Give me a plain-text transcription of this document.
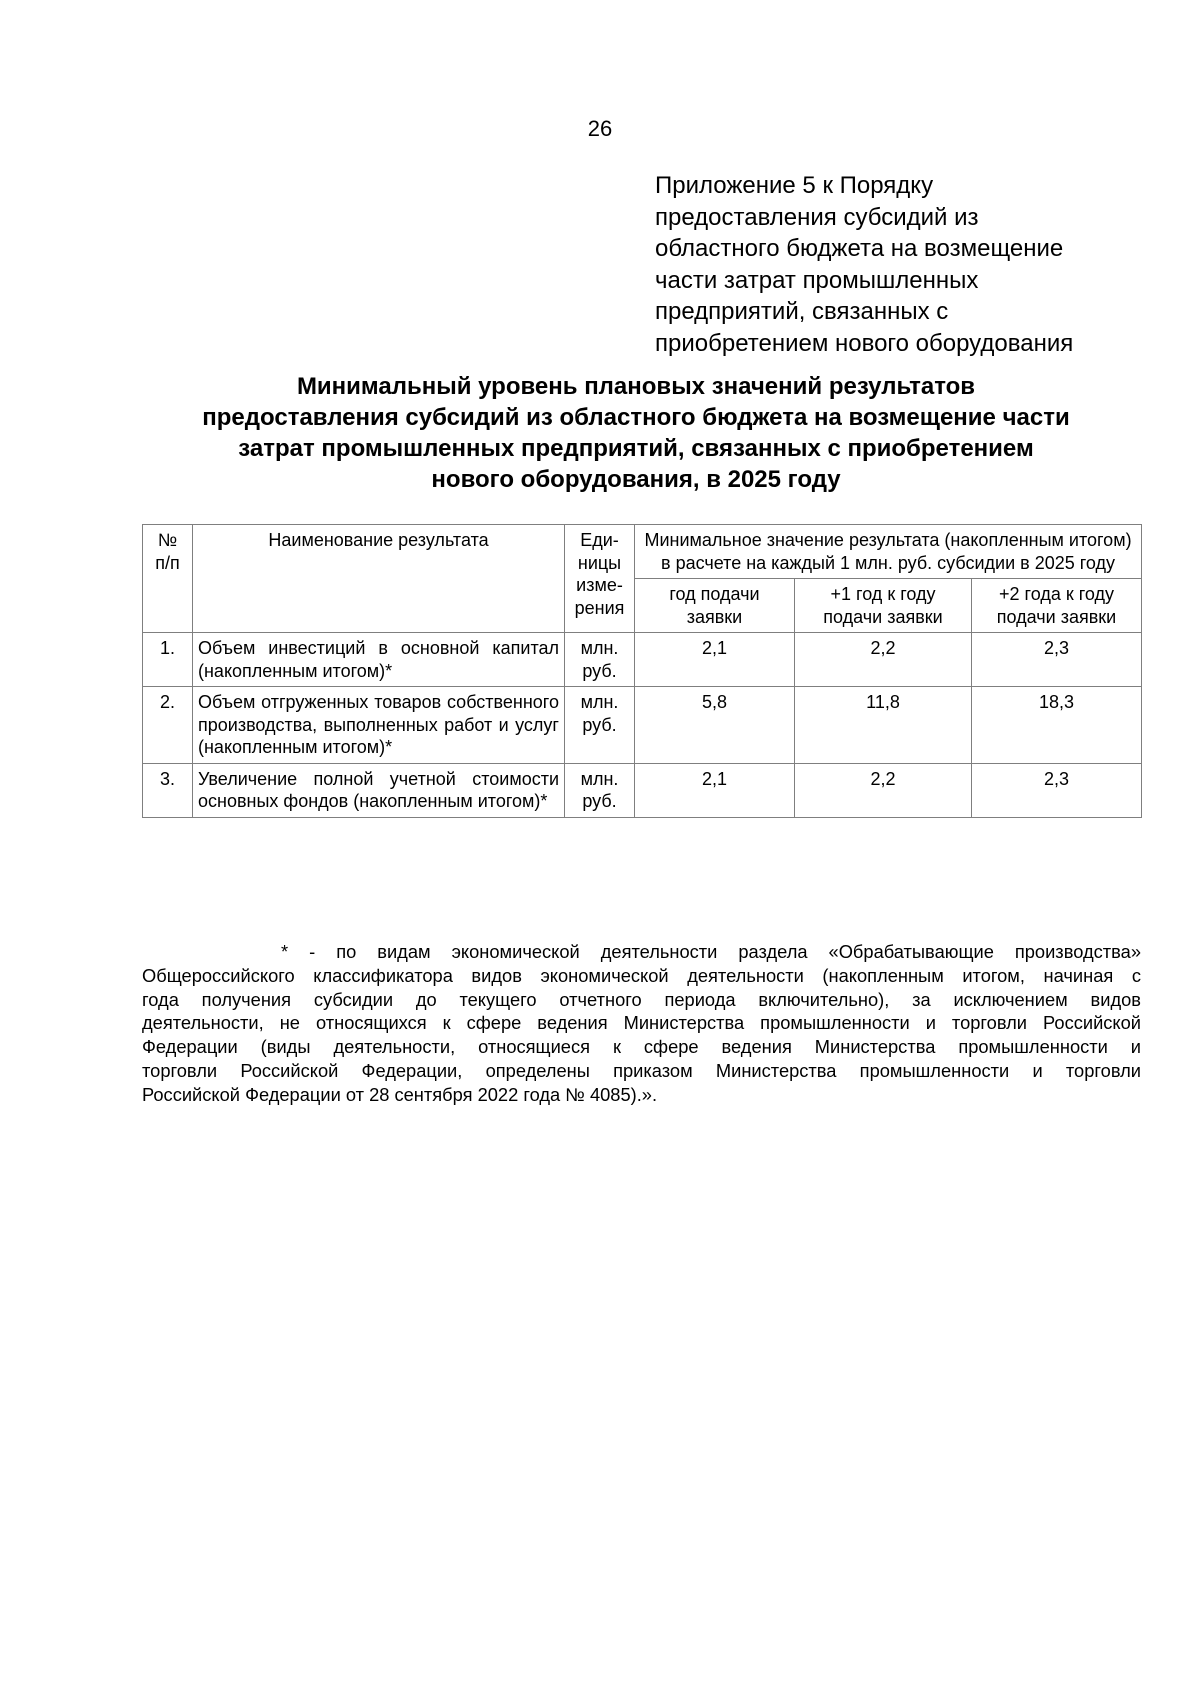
26
Приложение 5 к Порядку
предоставления субсидий из
областного бюджета на возмещение
части затрат промышленных
предприятий, связанных с
приобретением нового оборудования
Минимальный уровень плановых значений результатов
предоставления субсидий из областного бюджета на возмещение части
затрат промышленных предприятий, связанных с приобретением
нового оборудования, в 2025 году
№ п/п	Наименование результата	Еди- ницы изме- рения	Минимальное значение результата (накопленным итогом) в расчете на каждый 1 млн. руб. субсидии в 2025 году		
			год подачи заявки	+1 год к году подачи заявки	+2 года к году подачи заявки
1.	Объем инвестиций в основной капитал (накопленным итогом)*	млн. руб.	2,1	2,2	2,3
2.	Объем отгруженных товаров собственного производства, выполненных работ и услуг (накопленным итогом)*	млн. руб.	5,8	11,8	18,3
3.	Увеличение полной учетной стоимости основных фондов (накопленным итогом)*	млн. руб.	2,1	2,2	2,3
* - по видам экономической деятельности раздела «Обрабатывающие производства»
Общероссийского классификатора видов экономической деятельности (накопленным итогом, начиная с
года получения субсидии до текущего отчетного периода включительно), за исключением видов
деятельности, не относящихся к сфере ведения Министерства промышленности и торговли Российской
Федерации (виды деятельности, относящиеся к сфере ведения Министерства промышленности и
торговли Российской Федерации, определены приказом Министерства промышленности и торговли
Российской Федерации от 28 сентября 2022 года № 4085).».
